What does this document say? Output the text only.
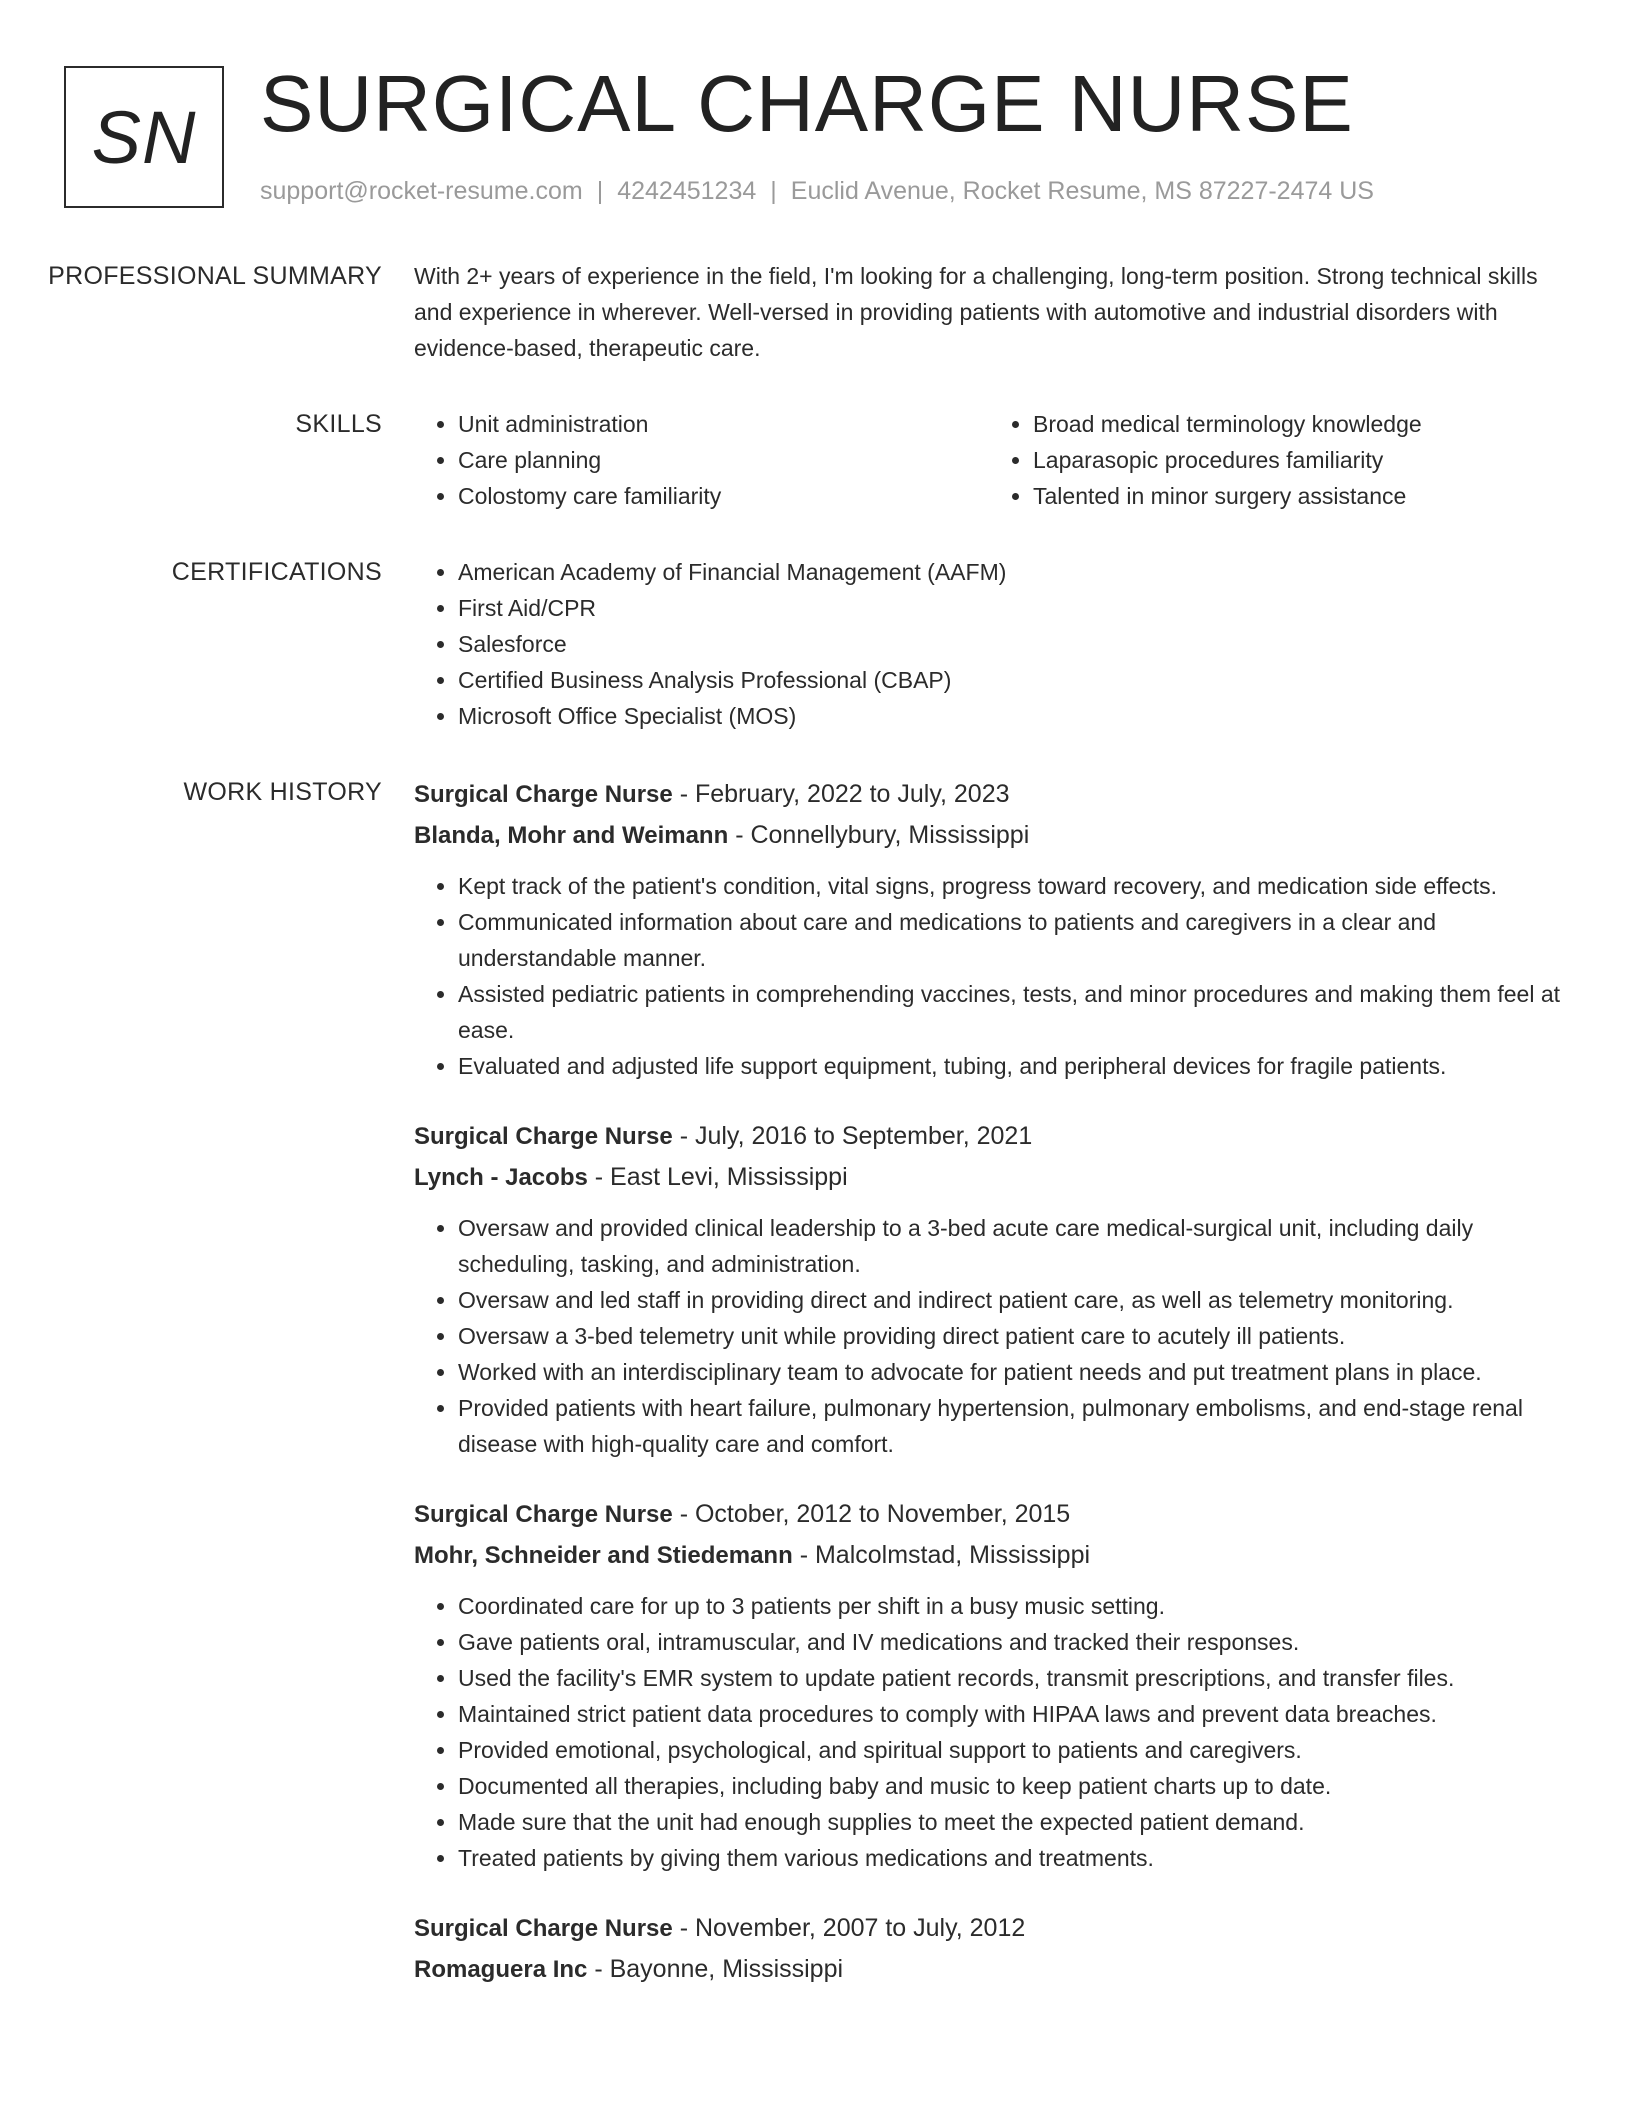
SN SURGICAL CHARGE NURSE
support@rocket-resume.com | 4242451234 | Euclid Avenue, Rocket Resume, MS 87227-2474 US
PROFESSIONAL SUMMARY	With 2+ years of experience in the field, I'm looking for a challenging, long-term position. Strong technical skills and experience in wherever. Well-versed in providing patients with automotive and industrial disorders with evidence-based, therapeutic care.

SKILLS	• Unit administration
• Care planning
• Colostomy care familiarity
• Broad medical terminology knowledge
• Laparasopic procedures familiarity
• Talented in minor surgery assistance
CERTIFICATIONS	• American Academy of Financial Management (AAFM)
• First Aid/CPR
• Salesforce
• Certified Business Analysis Professional (CBAP)
• Microsoft Office Specialist (MOS)
WORK HISTORY	Surgical Charge Nurse - February, 2022 to July, 2023
Blanda, Mohr and Weimann - Connellybury, Mississippi
• Kept track of the patient's condition, vital signs, progress toward recovery, and medication side effects.
• Communicated information about care and medications to patients and caregivers in a clear and understandable manner.
• Assisted pediatric patients in comprehending vaccines, tests, and minor procedures and making them feel at ease.
• Evaluated and adjusted life support equipment, tubing, and peripheral devices for fragile patients.
Surgical Charge Nurse - July, 2016 to September, 2021
Lynch - Jacobs - East Levi, Mississippi
• Oversaw and provided clinical leadership to a 3-bed acute care medical-surgical unit, including daily scheduling, tasking, and administration.
• Oversaw and led staff in providing direct and indirect patient care, as well as telemetry monitoring.
• Oversaw a 3-bed telemetry unit while providing direct patient care to acutely ill patients.
• Worked with an interdisciplinary team to advocate for patient needs and put treatment plans in place.
• Provided patients with heart failure, pulmonary hypertension, pulmonary embolisms, and end-stage renal disease with high-quality care and comfort.
Surgical Charge Nurse - October, 2012 to November, 2015
Mohr, Schneider and Stiedemann - Malcolmstad, Mississippi
• Coordinated care for up to 3 patients per shift in a busy music setting.
• Gave patients oral, intramuscular, and IV medications and tracked their responses.
• Used the facility's EMR system to update patient records, transmit prescriptions, and transfer files.
• Maintained strict patient data procedures to comply with HIPAA laws and prevent data breaches.
• Provided emotional, psychological, and spiritual support to patients and caregivers.
• Documented all therapies, including baby and music to keep patient charts up to date.
• Made sure that the unit had enough supplies to meet the expected patient demand.
• Treated patients by giving them various medications and treatments.
Surgical Charge Nurse - November, 2007 to July, 2012
Romaguera Inc - Bayonne, Mississippi
